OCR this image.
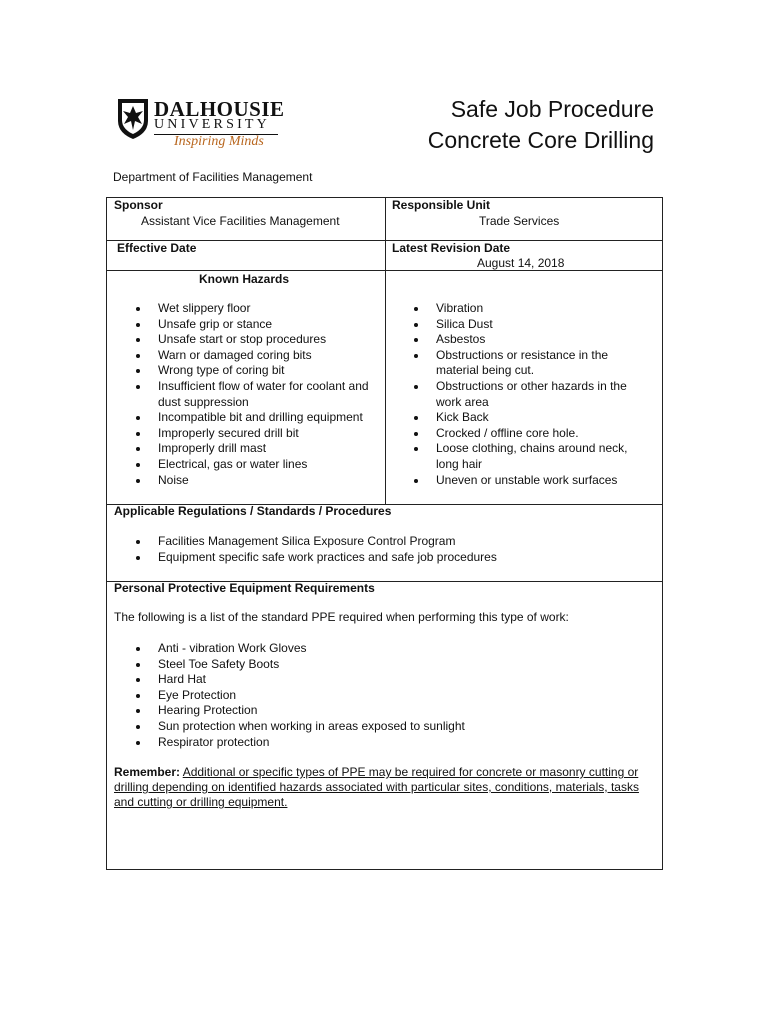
DALHOUSIE
UNIVERSITY
Inspiring Minds
Safe Job Procedure
Concrete Core Drilling
Department of Facilities Management
Sponsor
Assistant Vice Facilities Management
Responsible Unit
Trade Services
Effective Date	Latest Revision Date
August 14, 2018
Known Hazards
Wet slippery floor
Unsafe grip or stance
Unsafe start or stop procedures
Warn or damaged coring bits
Wrong type of coring bit
Insufficient flow of water for coolant and dust suppression
Incompatible bit and drilling equipment
Improperly secured drill bit
Improperly drill mast
Electrical, gas or water lines
Noise
Vibration
Silica Dust
Asbestos
Obstructions or resistance in the material being cut.
Obstructions or other hazards in the work area
Kick Back
Crocked / offline core hole.
Loose clothing, chains around neck, long hair
Uneven or unstable work surfaces
Applicable Regulations / Standards / Procedures
Facilities Management Silica Exposure Control Program
Equipment specific safe work practices and safe job procedures
Personal Protective Equipment Requirements
The following is a list of the standard PPE required when performing this type of work:
Anti - vibration Work Gloves
Steel Toe Safety Boots
Hard Hat
Eye Protection
Hearing Protection
Sun protection when working in areas exposed to sunlight
Respirator protection
Remember: Additional or specific types of PPE may be required for concrete or masonry cutting or drilling depending on identified hazards associated with particular sites, conditions, materials, tasks and cutting or drilling equipment.
